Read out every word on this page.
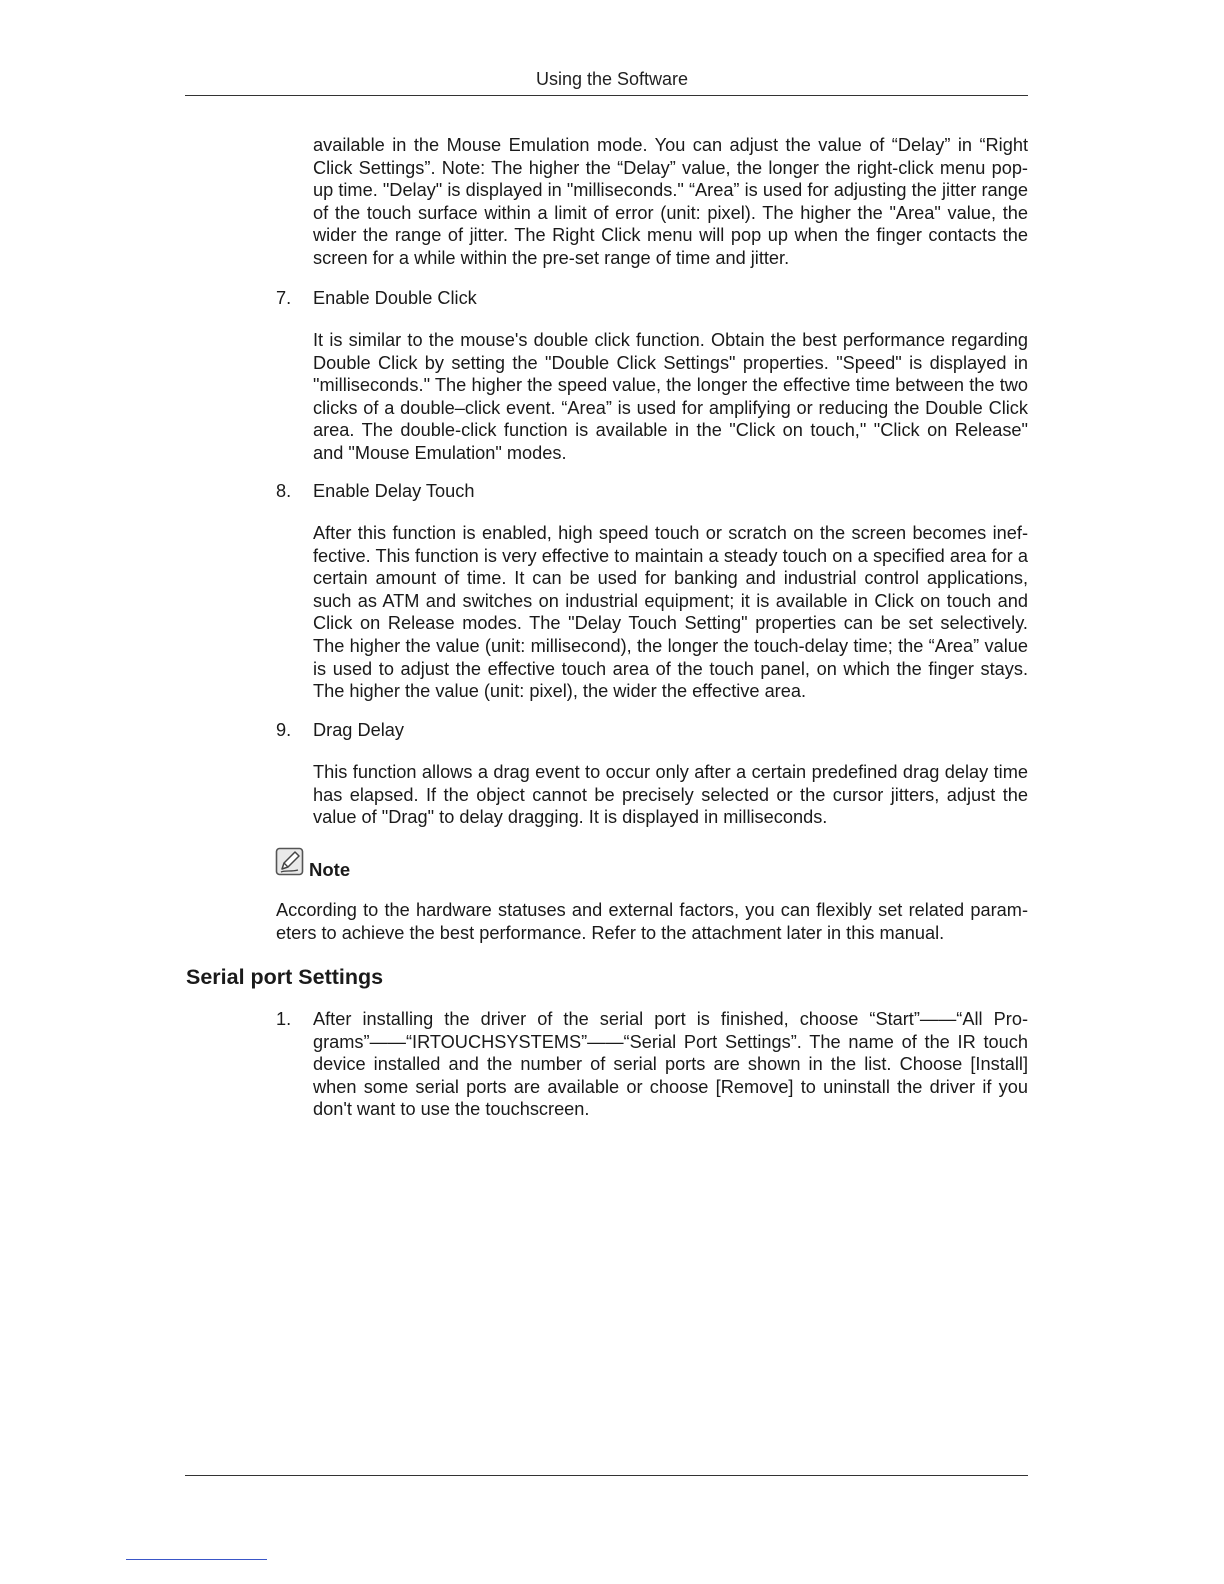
Using the Software

available in the Mouse Emulation mode. You can adjust the value of “Delay” in “Right Click Settings”. Note: The higher the “Delay” value, the longer the right-click menu pop-up time. "Delay" is displayed in "milliseconds." “Area” is used for adjusting the jitter range of the touch surface within a limit of error (unit: pixel). The higher the "Area" value, the wider the range of jitter. The Right Click menu will pop up when the finger contacts the screen for a while within the pre-set range of time and jitter.

7. Enable Double Click

It is similar to the mouse's double click function. Obtain the best performance regarding Double Click by setting the "Double Click Settings" properties. "Speed" is displayed in "milliseconds." The higher the speed value, the longer the effective time between the two clicks of a double–click event. “Area” is used for amplifying or reducing the Double Click area. The double-click function is available in the "Click on touch," "Click on Release" and "Mouse Emulation" modes.

8. Enable Delay Touch

After this function is enabled, high speed touch or scratch on the screen becomes ineffective. This function is very effective to maintain a steady touch on a specified area for a certain amount of time. It can be used for banking and industrial control applications, such as ATM and switches on industrial equipment; it is available in Click on touch and Click on Release modes. The "Delay Touch Setting" properties can be set selectively. The higher the value (unit: millisecond), the longer the touch-delay time; the “Area” value is used to adjust the effective touch area of the touch panel, on which the finger stays. The higher the value (unit: pixel), the wider the effective area.

9. Drag Delay

This function allows a drag event to occur only after a certain predefined drag delay time has elapsed. If the object cannot be precisely selected or the cursor jitters, adjust the value of "Drag" to delay dragging. It is displayed in milliseconds.

Note

According to the hardware statuses and external factors, you can flexibly set related parameters to achieve the best performance. Refer to the attachment later in this manual.

Serial port Settings
1. After installing the driver of the serial port is finished, choose “Start”——“All Programs”——“IRTOUCHSYSTEMS”——“Serial Port Settings”. The name of the IR touch device installed and the number of serial ports are shown in the list. Choose [Install] when some serial ports are available or choose [Remove] to uninstall the driver if you don't want to use the touchscreen.
